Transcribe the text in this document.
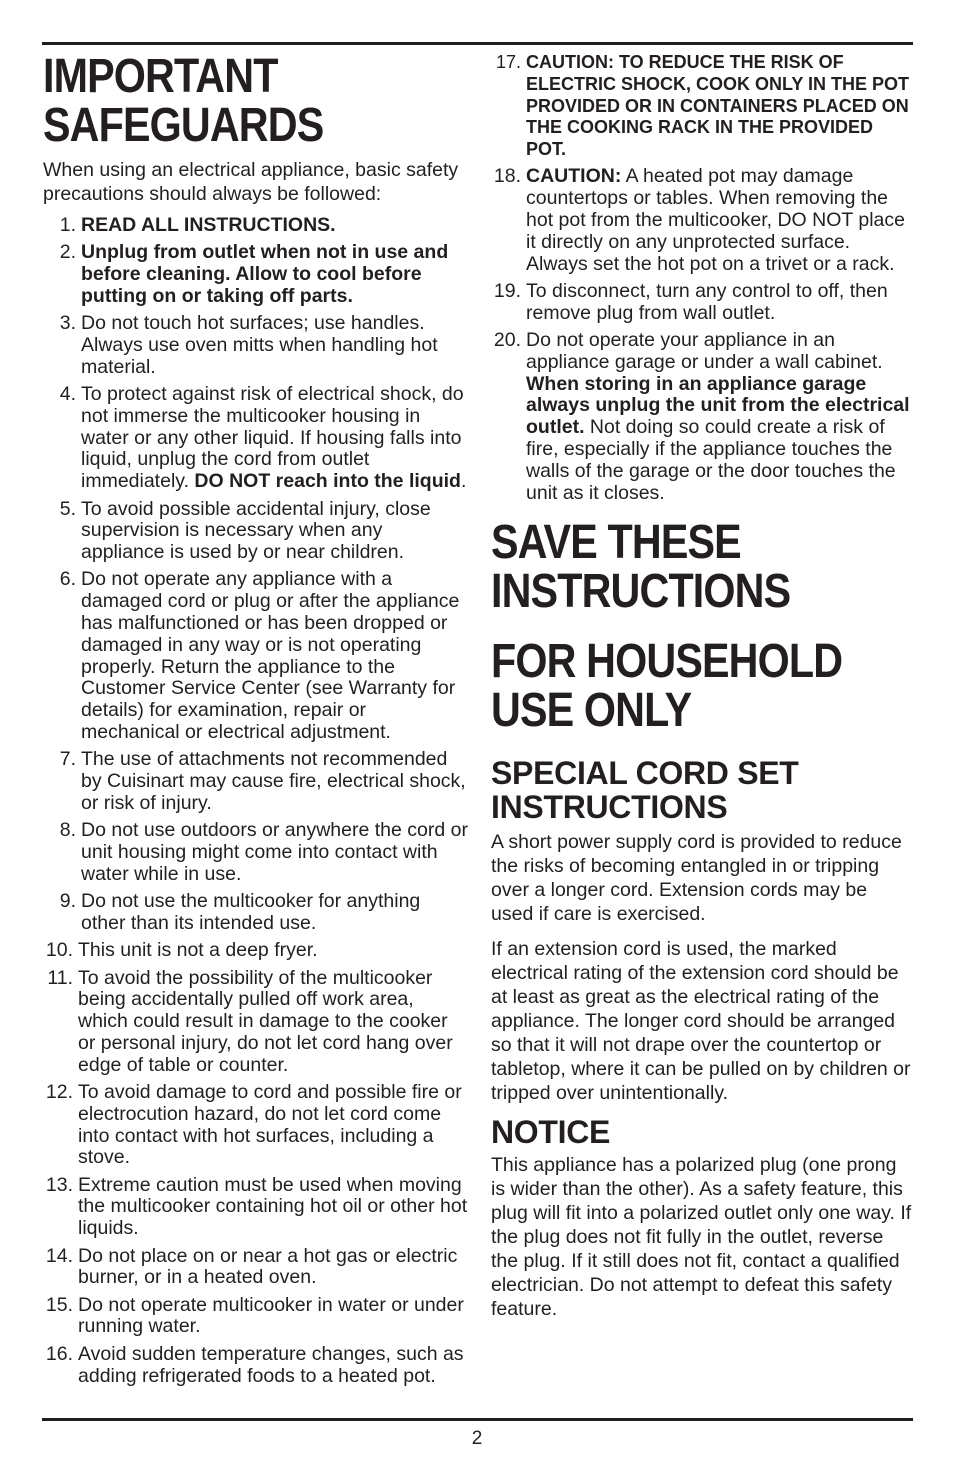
IMPORTANT
SAFEGUARDS

When using an electrical appliance, basic safety precautions should always be followed:

1. READ ALL INSTRUCTIONS.
2. Unplug from outlet when not in use and before cleaning. Allow to cool before putting on or taking off parts.
3. Do not touch hot surfaces; use handles. Always use oven mitts when handling hot material.
4. To protect against risk of electrical shock, do not immerse the multicooker housing in water or any other liquid. If housing falls into liquid, unplug the cord from outlet immediately. DO NOT reach into the liquid.
5. To avoid possible accidental injury, close supervision is necessary when any appliance is used by or near children.
6. Do not operate any appliance with a damaged cord or plug or after the appliance has malfunctioned or has been dropped or damaged in any way or is not operating properly. Return the appliance to the Customer Service Center (see Warranty for details) for examination, repair or mechanical or electrical adjustment.
7. The use of attachments not recommended by Cuisinart may cause fire, electrical shock, or risk of injury.
8. Do not use outdoors or anywhere the cord or unit housing might come into contact with water while in use.
9. Do not use the multicooker for anything other than its intended use.
10. This unit is not a deep fryer.
11. To avoid the possibility of the multicooker being accidentally pulled off work area, which could result in damage to the cooker or personal injury, do not let cord hang over edge of table or counter.
12. To avoid damage to cord and possible fire or electrocution hazard, do not let cord come into contact with hot surfaces, including a stove.
13. Extreme caution must be used when moving the multicooker containing hot oil or other hot liquids.
14. Do not place on or near a hot gas or electric burner, or in a heated oven.
15. Do not operate multicooker in water or under running water.
16. Avoid sudden temperature changes, such as adding refrigerated foods to a heated pot.
17. CAUTION: TO REDUCE THE RISK OF ELECTRIC SHOCK, COOK ONLY IN THE POT PROVIDED OR IN CONTAINERS PLACED ON THE COOKING RACK IN THE PROVIDED POT.
18. CAUTION: A heated pot may damage countertops or tables. When removing the hot pot from the multicooker, DO NOT place it directly on any unprotected surface. Always set the hot pot on a trivet or a rack.
19. To disconnect, turn any control to off, then remove plug from wall outlet.
20. Do not operate your appliance in an appliance garage or under a wall cabinet. When storing in an appliance garage always unplug the unit from the electrical outlet. Not doing so could create a risk of fire, especially if the appliance touches the walls of the garage or the door touches the unit as it closes.
SAVE THESE
INSTRUCTIONS
FOR HOUSEHOLD
USE ONLY
SPECIAL CORD SET
INSTRUCTIONS

A short power supply cord is provided to reduce the risks of becoming entangled in or tripping over a longer cord. Extension cords may be used if care is exercised.

If an extension cord is used, the marked electrical rating of the extension cord should be at least as great as the electrical rating of the appliance. The longer cord should be arranged so that it will not drape over the countertop or tabletop, where it can be pulled on by children or tripped over unintentionally.

NOTICE

This appliance has a polarized plug (one prong is wider than the other). As a safety feature, this plug will fit into a polarized outlet only one way. If the plug does not fit fully in the outlet, reverse the plug. If it still does not fit, contact a qualified electrician. Do not attempt to defeat this safety feature.

2
